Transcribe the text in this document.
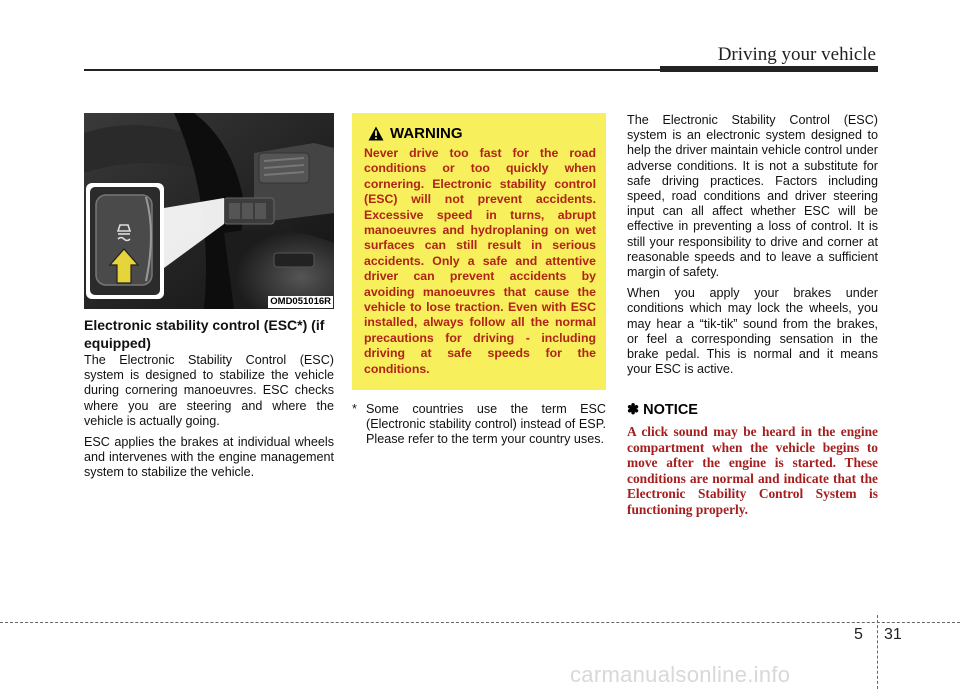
Driving your vehicle
OMD051016R
Electronic stability control (ESC*) (if equipped)

The Electronic Stability Control (ESC) system is designed to stabilize the vehicle during cornering manoeuvres. ESC checks where you are steering and where the vehicle is actually going.

ESC applies the brakes at individual wheels and intervenes with the engine management system to stabilize the vehicle.

WARNING
Never drive too fast for the road conditions or too quickly when cornering. Electronic stability control (ESC) will not prevent accidents. Excessive speed in turns, abrupt manoeuvres and hydroplaning on wet surfaces can still result in serious accidents. Only a safe and attentive driver can prevent accidents by avoiding manoeuvres that cause the vehicle to lose traction. Even with ESC installed, always follow all the normal precautions for driving - including driving at safe speeds for the conditions.
* Some countries use the term ESC (Electronic stability control) instead of ESP. Please refer to the term your country uses.

The Electronic Stability Control (ESC) system is an electronic system designed to help the driver maintain vehicle control under adverse conditions. It is not a substitute for safe driving practices. Factors including speed, road conditions and driver steering input can all affect whether ESC will be effective in preventing a loss of control. It is still your responsibility to drive and corner at reasonable speeds and to leave a sufficient margin of safety.

When you apply your brakes under conditions which may lock the wheels, you may hear a “tik-tik” sound from the brakes, or feel a corresponding sensation in the brake pedal. This is normal and it means your ESC is active.

✽ NOTICE
A click sound may be heard in the engine compartment when the vehicle begins to move after the engine is started. These conditions are normal and indicate that the Electronic Stability Control System is functioning properly.
5 31
carmanualsonline.info
